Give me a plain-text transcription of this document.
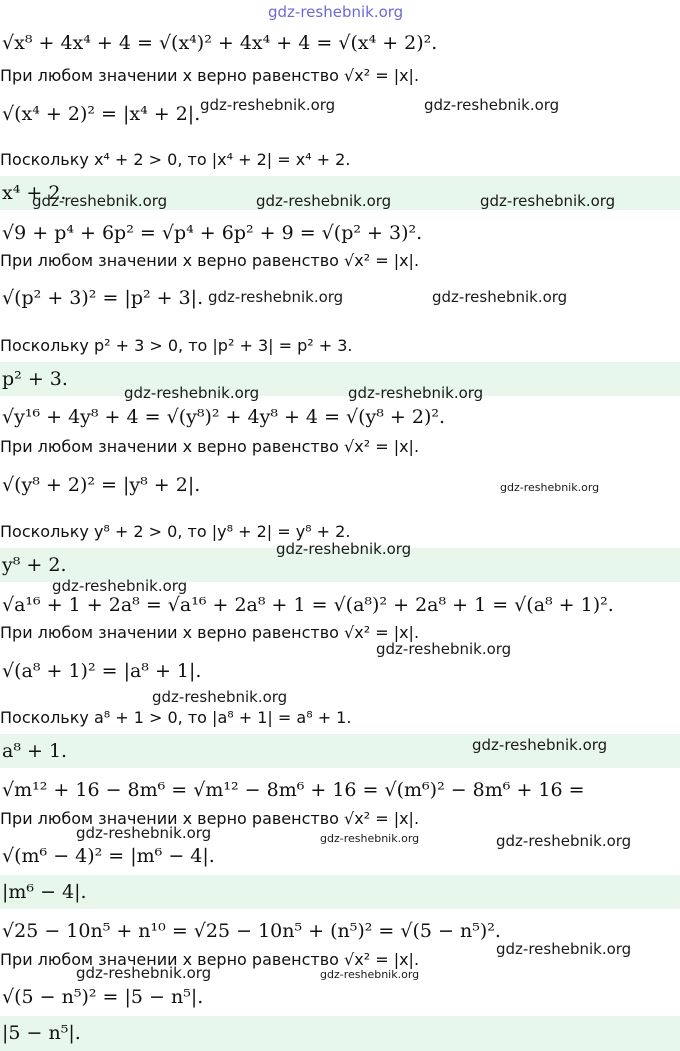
√x⁸ + 4x⁴ + 4 = √(x⁴)² + 4x⁴ + 4 = √(x⁴ + 2)².
При любом значении x верно равенство √x² = |x|.
√(x⁴ + 2)² = |x⁴ + 2|.
Поскольку x⁴ + 2 > 0, то |x⁴ + 2| = x⁴ + 2.
x⁴ + 2.
√9 + p⁴ + 6p² = √p⁴ + 6p² + 9 = √(p² + 3)².
При любом значении x верно равенство √x² = |x|.
√(p² + 3)² = |p² + 3|.
Поскольку p² + 3 > 0, то |p² + 3| = p² + 3.
p² + 3.
√y¹⁶ + 4y⁸ + 4 = √(y⁸)² + 4y⁸ + 4 = √(y⁸ + 2)².
При любом значении x верно равенство √x² = |x|.
√(y⁸ + 2)² = |y⁸ + 2|.
Поскольку y⁸ + 2 > 0, то |y⁸ + 2| = y⁸ + 2.
y⁸ + 2.
√a¹⁶ + 1 + 2a⁸ = √a¹⁶ + 2a⁸ + 1 = √(a⁸)² + 2a⁸ + 1 = √(a⁸ + 1)².
При любом значении x верно равенство √x² = |x|.
√(a⁸ + 1)² = |a⁸ + 1|.
Поскольку a⁸ + 1 > 0, то |a⁸ + 1| = a⁸ + 1.
a⁸ + 1.
√m¹² + 16 − 8m⁶ = √m¹² − 8m⁶ + 16 = √(m⁶)² − 8m⁶ + 16 =
При любом значении x верно равенство √x² = |x|.
√(m⁶ − 4)² = |m⁶ − 4|.
|m⁶ − 4|.
√25 − 10n⁵ + n¹⁰ = √25 − 10n⁵ + (n⁵)² = √(5 − n⁵)².
При любом значении x верно равенство √x² = |x|.
√(5 − n⁵)² = |5 − n⁵|.
|5 − n⁵|.
gdz-reshebnik.org
gdz-reshebnik.org	gdz-reshebnik.org
gdz-reshebnik.org	gdz-reshebnik.org	gdz-reshebnik.org
gdz-reshebnik.org	gdz-reshebnik.org
gdz-reshebnik.org	gdz-reshebnik.org
gdz-reshebnik.org
gdz-reshebnik.org
gdz-reshebnik.org
gdz-reshebnik.org
gdz-reshebnik.org
gdz-reshebnik.org
gdz-reshebnik.org	gdz-reshebnik.org	gdz-reshebnik.org
gdz-reshebnik.org
gdz-reshebnik.org	gdz-reshebnik.org
